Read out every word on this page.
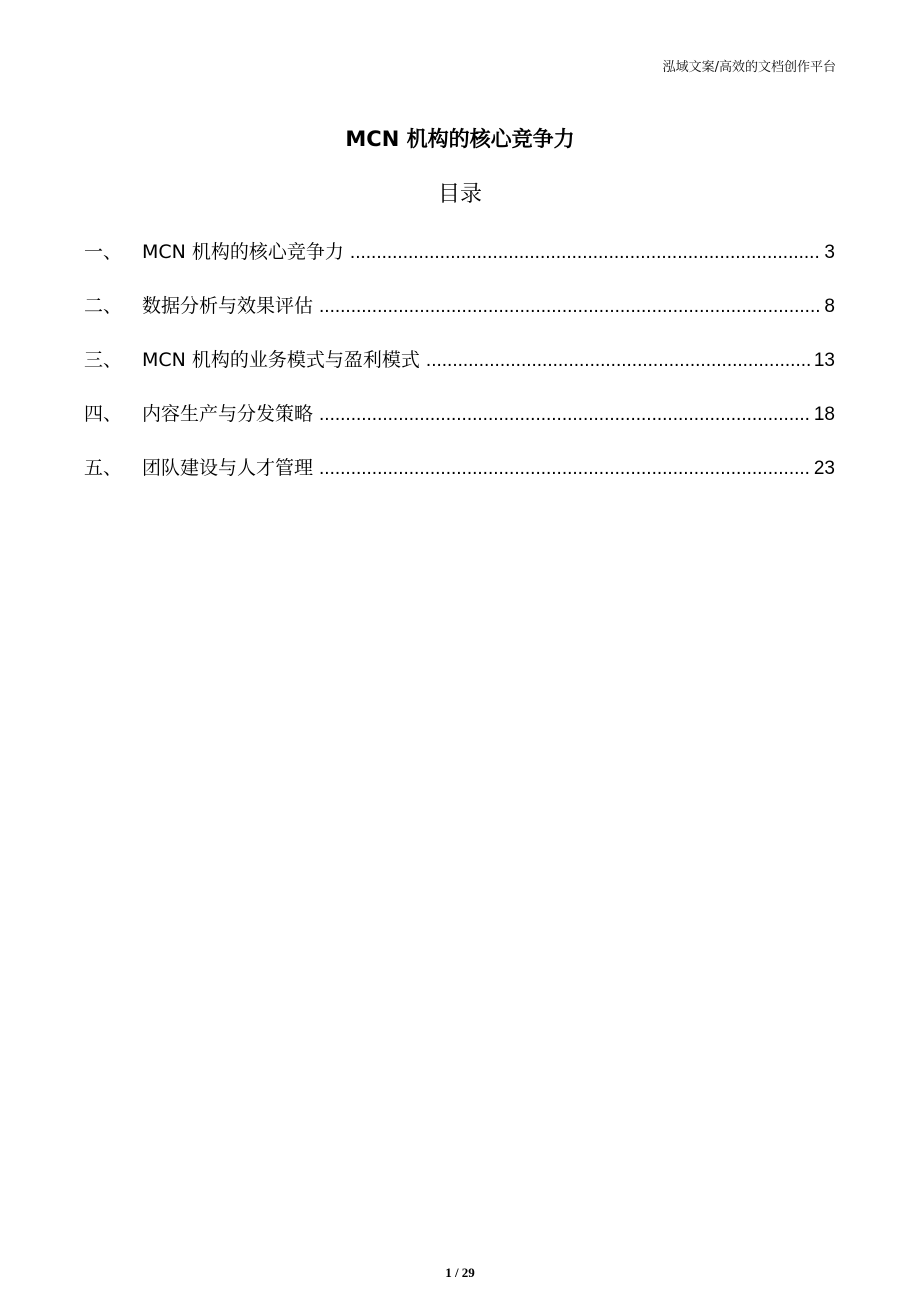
泓域文案/高效的文档创作平台
MCN 机构的核心竞争力
目录
一、	MCN 机构的核心竞争力 .....	3
二、	数据分析与效果评估 .....	8
三、	MCN 机构的业务模式与盈利模式 .....	13
四、	内容生产与分发策略 .....	18
五、	团队建设与人才管理 .....	23
1 / 29
